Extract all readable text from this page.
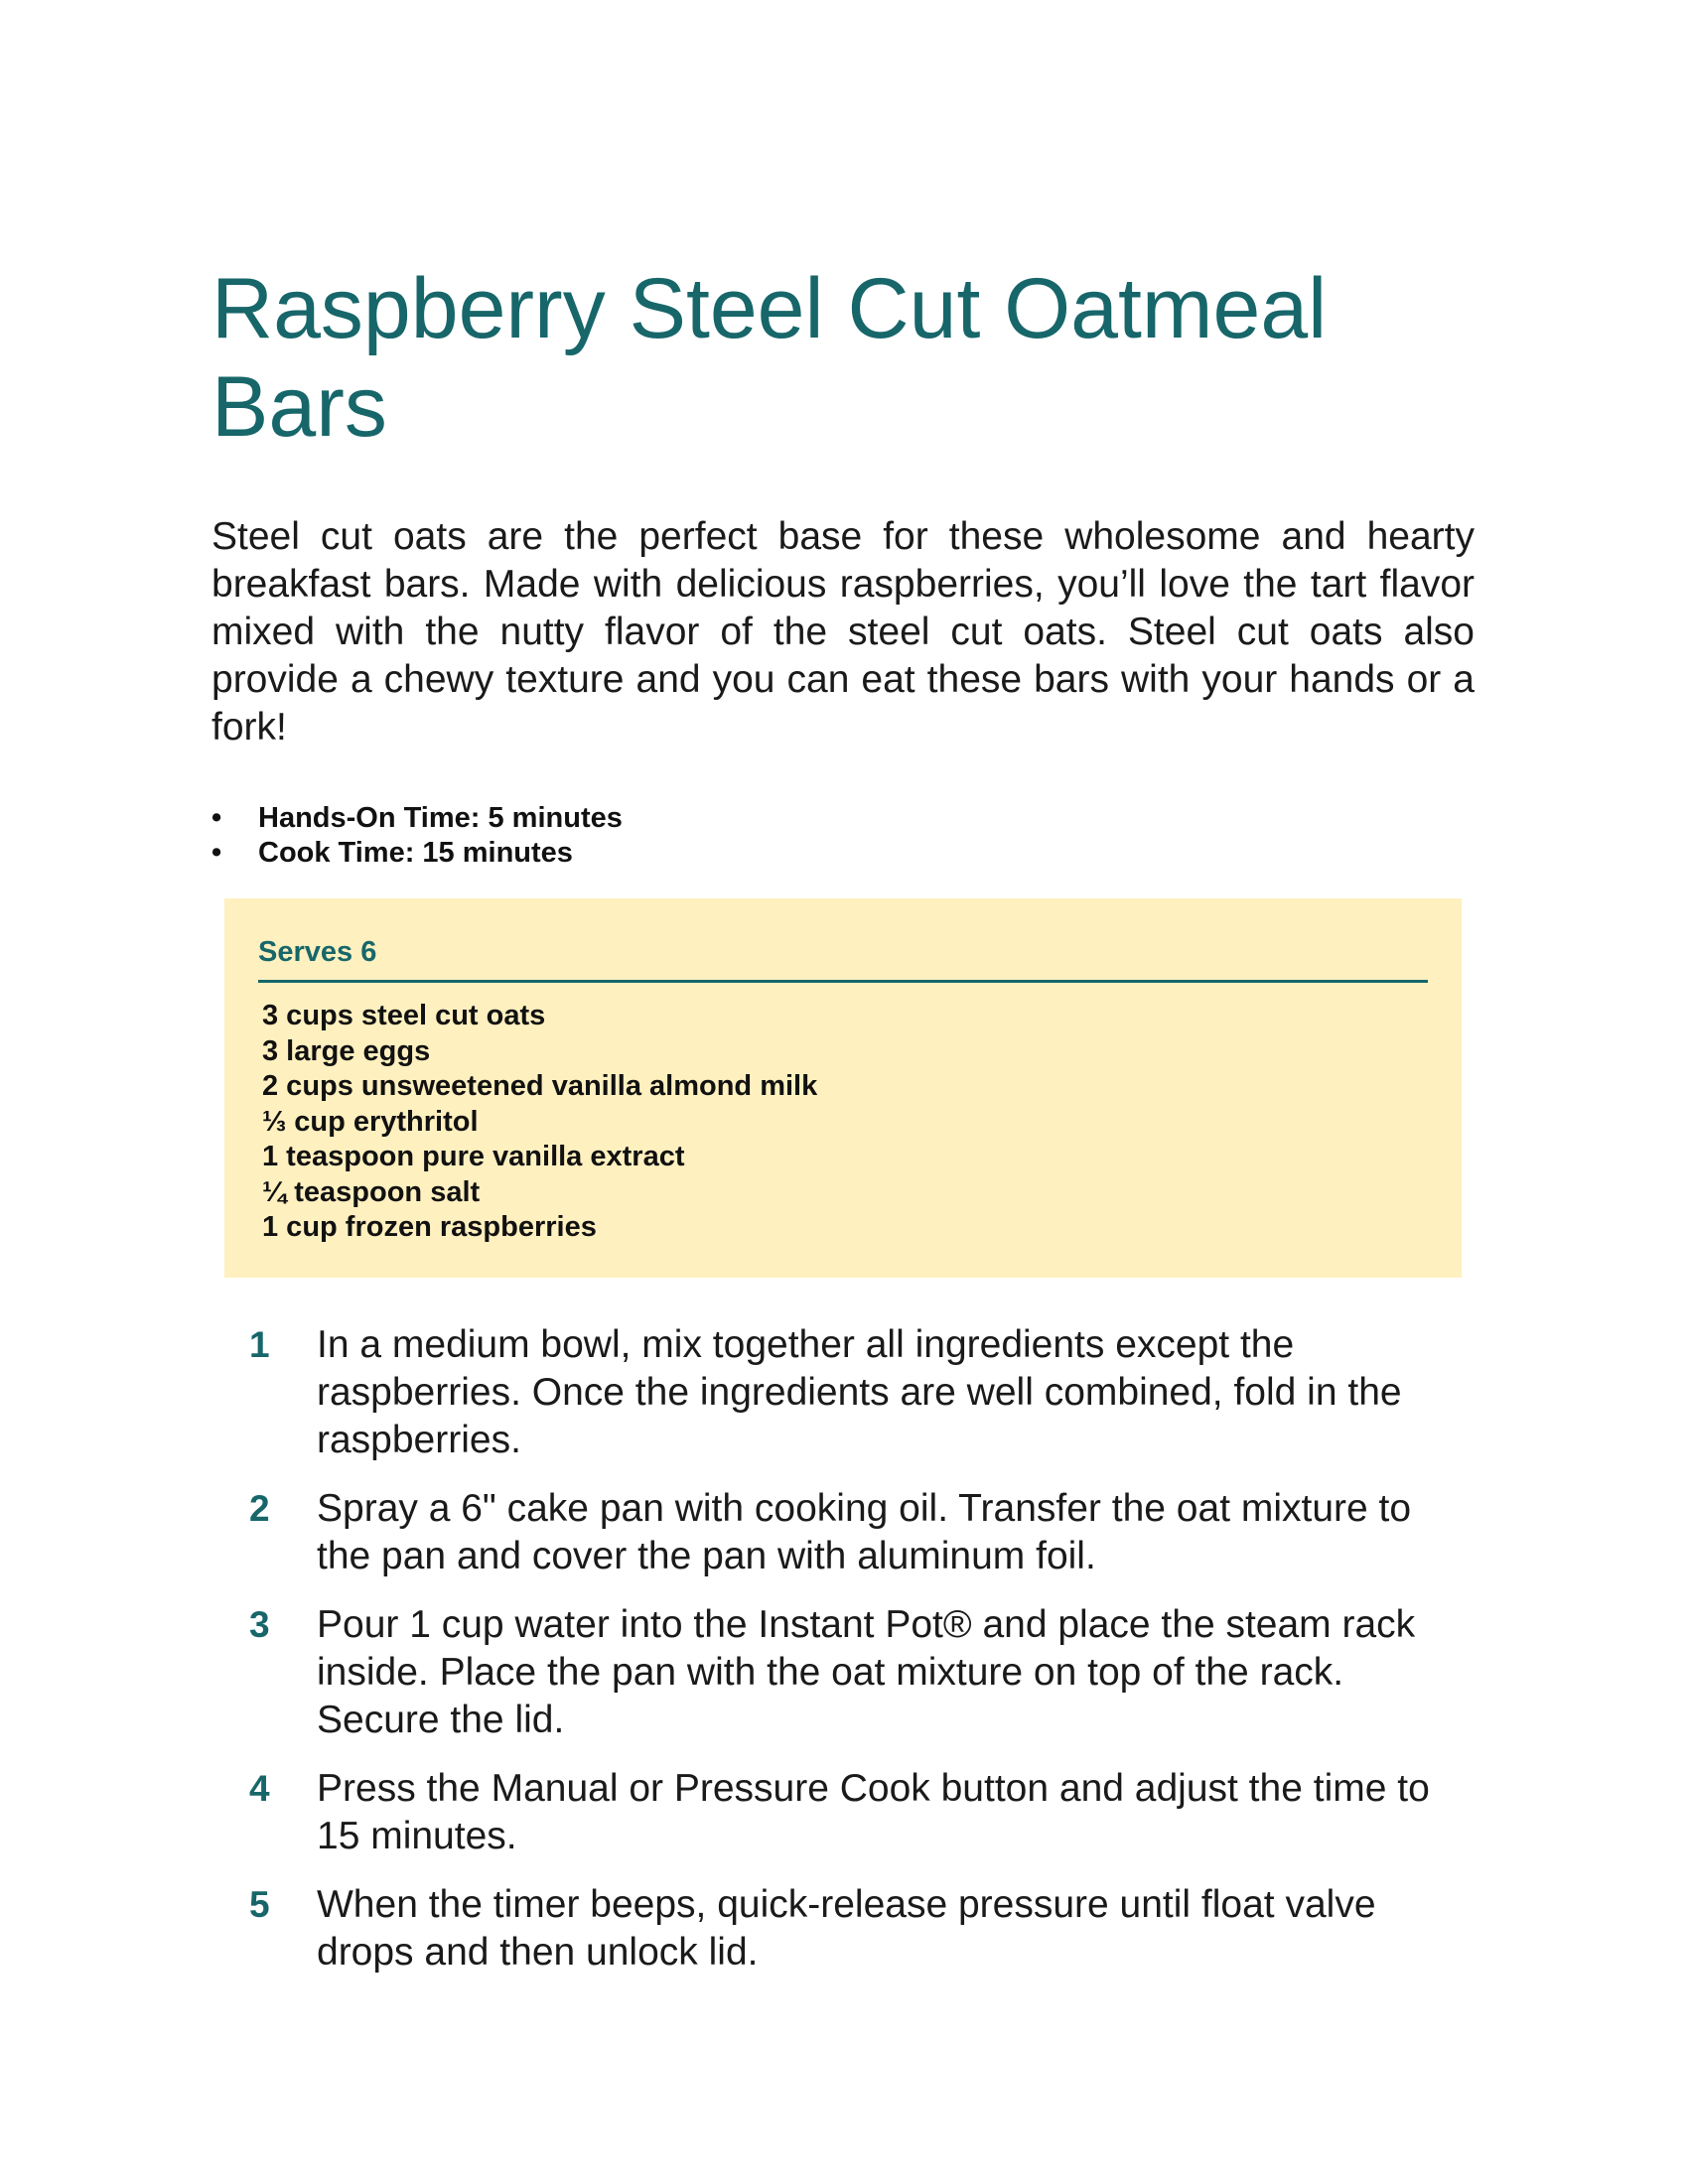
Raspberry Steel Cut Oatmeal Bars

Steel cut oats are the perfect base for these wholesome and hearty breakfast bars. Made with delicious raspberries, you’ll love the tart flavor mixed with the nutty flavor of the steel cut oats. Steel cut oats also provide a chewy texture and you can eat these bars with your hands or a fork!

• Hands-On Time: 5 minutes
• Cook Time: 15 minutes
Serves 6
3 cups steel cut oats
3 large eggs
2 cups unsweetened vanilla almond milk
⅓ cup erythritol
1 teaspoon pure vanilla extract
¼ teaspoon salt
1 cup frozen raspberries
1 In a medium bowl, mix together all ingredients except the raspberries. Once the ingredients are well combined, fold in the raspberries.
2 Spray a 6" cake pan with cooking oil. Transfer the oat mixture to the pan and cover the pan with aluminum foil.
3 Pour 1 cup water into the Instant Pot® and place the steam rack inside. Place the pan with the oat mixture on top of the rack. Secure the lid.
4 Press the Manual or Pressure Cook button and adjust the time to 15 minutes.
5 When the timer beeps, quick-release pressure until float valve drops and then unlock lid.
